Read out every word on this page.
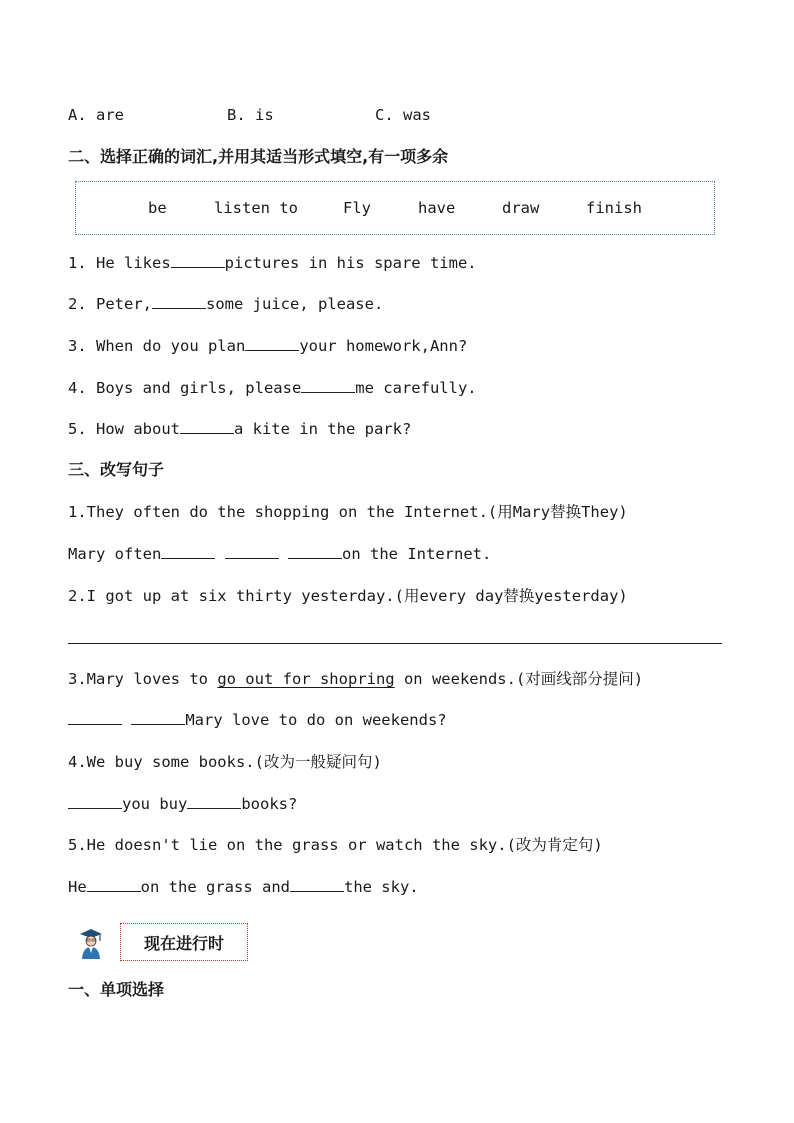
A. are	B. is	C. was
二、选择正确的词汇,并用其适当形式填空,有一项多余
be	listen to	Fly	have	draw	finish
1. He likes	pictures in his spare time.
2. Peter,	some juice, please.
3. When do you plan	your homework,Ann?
4. Boys and girls, please	me carefully.
5. How about	a kite in the park?
三、改写句子
1.They often do the shopping on the Internet.(用Mary替换They)
Mary often	on the Internet.
2.I got up at six thirty yesterday.(用every day替换yesterday)
3.Mary loves to go out for shopring on weekends.(对画线部分提问)
Mary love to do on weekends?
4.We buy some books.(改为一般疑问句)
you buy	books?
5.He doesn't lie on the grass or watch the sky.(改为肯定句)
He	on the grass and	the sky.
现在进行时
一、单项选择
